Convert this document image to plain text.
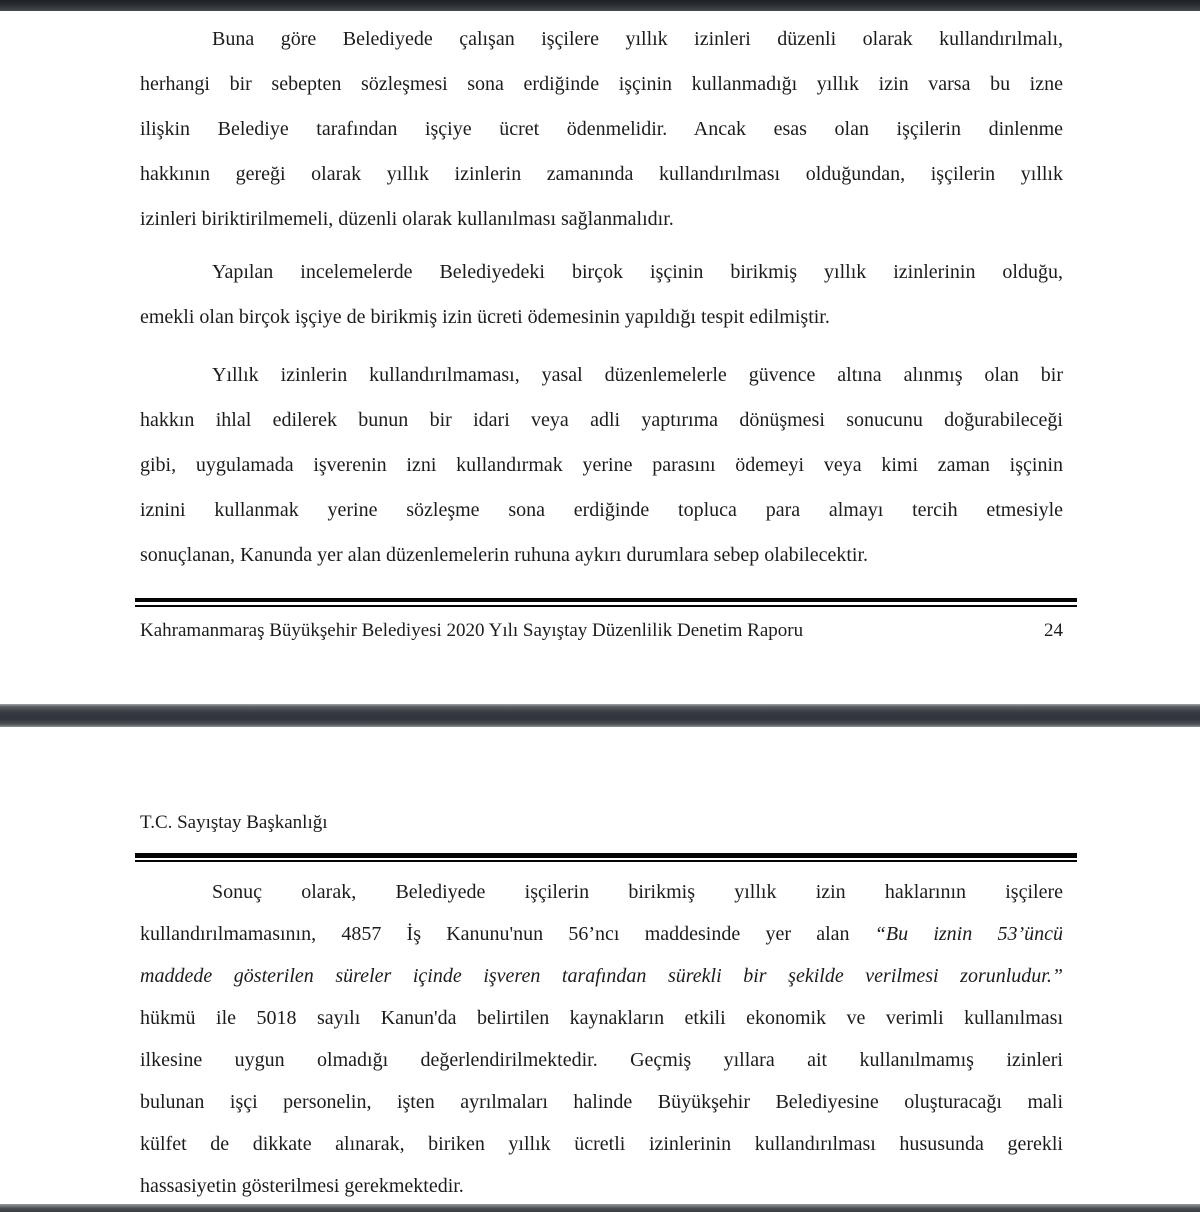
Buna göre Belediyede çalışan işçilere yıllık izinleri düzenli olarak kullandırılmalı,
herhangi bir sebepten sözleşmesi sona erdiğinde işçinin kullanmadığı yıllık izin varsa bu izne
ilişkin Belediye tarafından işçiye ücret ödenmelidir. Ancak esas olan işçilerin dinlenme
hakkının gereği olarak yıllık izinlerin zamanında kullandırılması olduğundan, işçilerin yıllık
izinleri biriktirilmemeli, düzenli olarak kullanılması sağlanmalıdır.
Yapılan incelemelerde Belediyedeki birçok işçinin birikmiş yıllık izinlerinin olduğu,
emekli olan birçok işçiye de birikmiş izin ücreti ödemesinin yapıldığı tespit edilmiştir.
Yıllık izinlerin kullandırılmaması, yasal düzenlemelerle güvence altına alınmış olan bir
hakkın ihlal edilerek bunun bir idari veya adli yaptırıma dönüşmesi sonucunu doğurabileceği
gibi, uygulamada işverenin izni kullandırmak yerine parasını ödemeyi veya kimi zaman işçinin
iznini kullanmak yerine sözleşme sona erdiğinde topluca para almayı tercih etmesiyle
sonuçlanan, Kanunda yer alan düzenlemelerin ruhuna aykırı durumlara sebep olabilecektir.
Kahramanmaraş Büyükşehir Belediyesi 2020 Yılı Sayıştay Düzenlilik Denetim Raporu	24
T.C. Sayıştay Başkanlığı
Sonuç olarak, Belediyede işçilerin birikmiş yıllık izin haklarının işçilere
kullandırılmamasının, 4857 İş Kanunu'nun 56’ncı maddesinde yer alan “Bu iznin 53’üncü
maddede gösterilen süreler içinde işveren tarafından sürekli bir şekilde verilmesi zorunludur.”
hükmü ile 5018 sayılı Kanun'da belirtilen kaynakların etkili ekonomik ve verimli kullanılması
ilkesine uygun olmadığı değerlendirilmektedir. Geçmiş yıllara ait kullanılmamış izinleri
bulunan işçi personelin, işten ayrılmaları halinde Büyükşehir Belediyesine oluşturacağı mali
külfet de dikkate alınarak, biriken yıllık ücretli izinlerinin kullandırılması hususunda gerekli
hassasiyetin gösterilmesi gerekmektedir.
